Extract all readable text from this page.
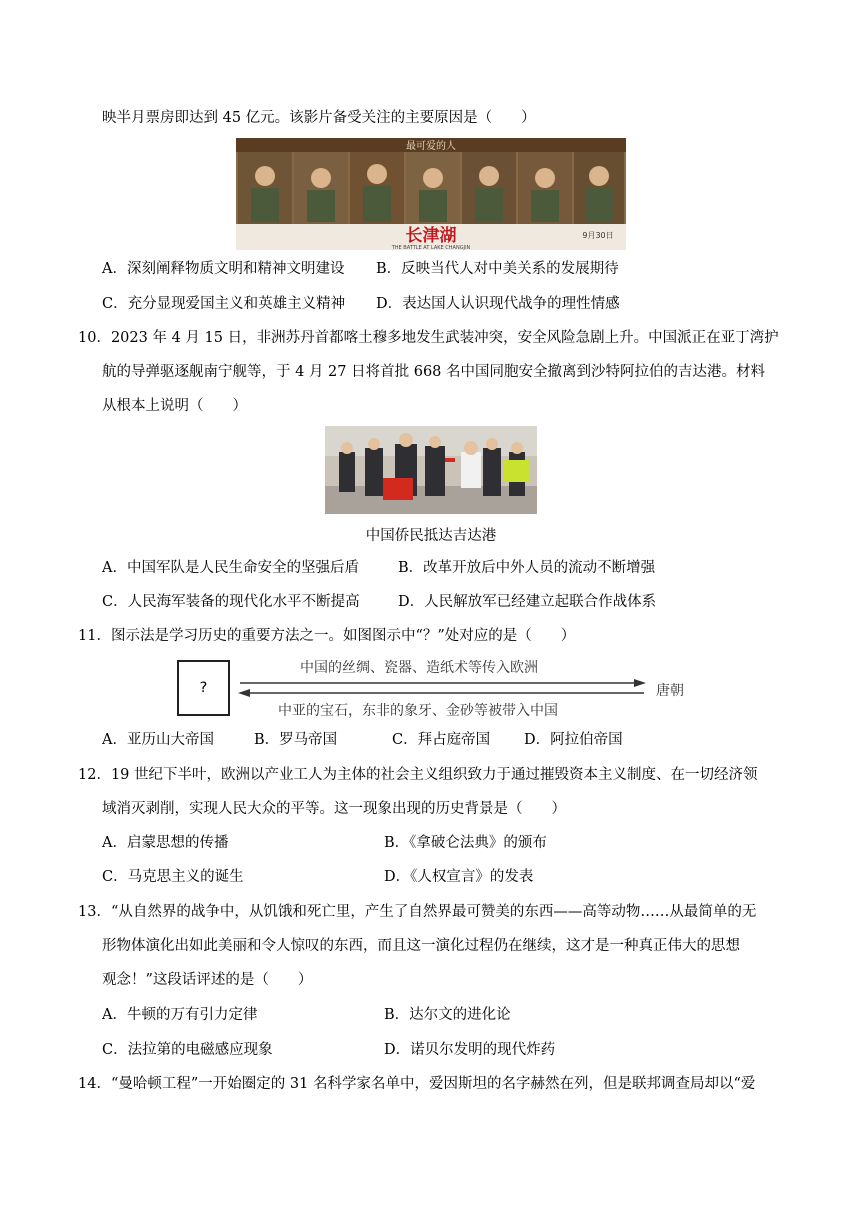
映半月票房即达到 45 亿元。该影片备受关注的主要原因是（　　）
长津湖
THE BATTLE AT LAKE CHANGJIN
9月30日
最可爱的人
A．深刻阐释物质文明和精神文明建设 B．反映当代人对中美关系的发展期待
C．充分显现爱国主义和英雄主义精神 D．表达国人认识现代战争的理性情感
10．2023 年 4 月 15 日，非洲苏丹首都喀土穆多地发生武装冲突，安全风险急剧上升。中国派正在亚丁湾护
航的导弹驱逐舰南宁舰等，于 4 月 27 日将首批 668 名中国同胞安全撤离到沙特阿拉伯的吉达港。材料
从根本上说明（　　）
中国侨民抵达吉达港
A．中国军队是人民生命安全的坚强后盾	B．改革开放后中外人员的流动不断增强
C．人民海军装备的现代化水平不断提高	D．人民解放军已经建立起联合作战体系
11．图示法是学习历史的重要方法之一。如图图示中“？”处对应的是（　　）
?
中国的丝绸、瓷器、造纸术等传入欧洲
中亚的宝石，东非的象牙、金砂等被带入中国
唐朝
A．亚历山大帝国	B．罗马帝国	C．拜占庭帝国 D．阿拉伯帝国
12．19 世纪下半叶，欧洲以产业工人为主体的社会主义组织致力于通过摧毁资本主义制度、在一切经济领
域消灭剥削，实现人民大众的平等。这一现象出现的历史背景是（　　）
A．启蒙思想的传播	B．《拿破仑法典》的颁布
C．马克思主义的诞生	D．《人权宣言》的发表
13．“从自然界的战争中，从饥饿和死亡里，产生了自然界最可赞美的东西——高等动物……从最简单的无
形物体演化出如此美丽和令人惊叹的东西，而且这一演化过程仍在继续，这才是一种真正伟大的思想
观念！”这段话评述的是（　　）
A．牛顿的万有引力定律	B．达尔文的进化论
C．法拉第的电磁感应现象	D．诺贝尔发明的现代炸药
14．“曼哈顿工程”一开始圈定的 31 名科学家名单中，爱因斯坦的名字赫然在列，但是联邦调查局却以“爱
